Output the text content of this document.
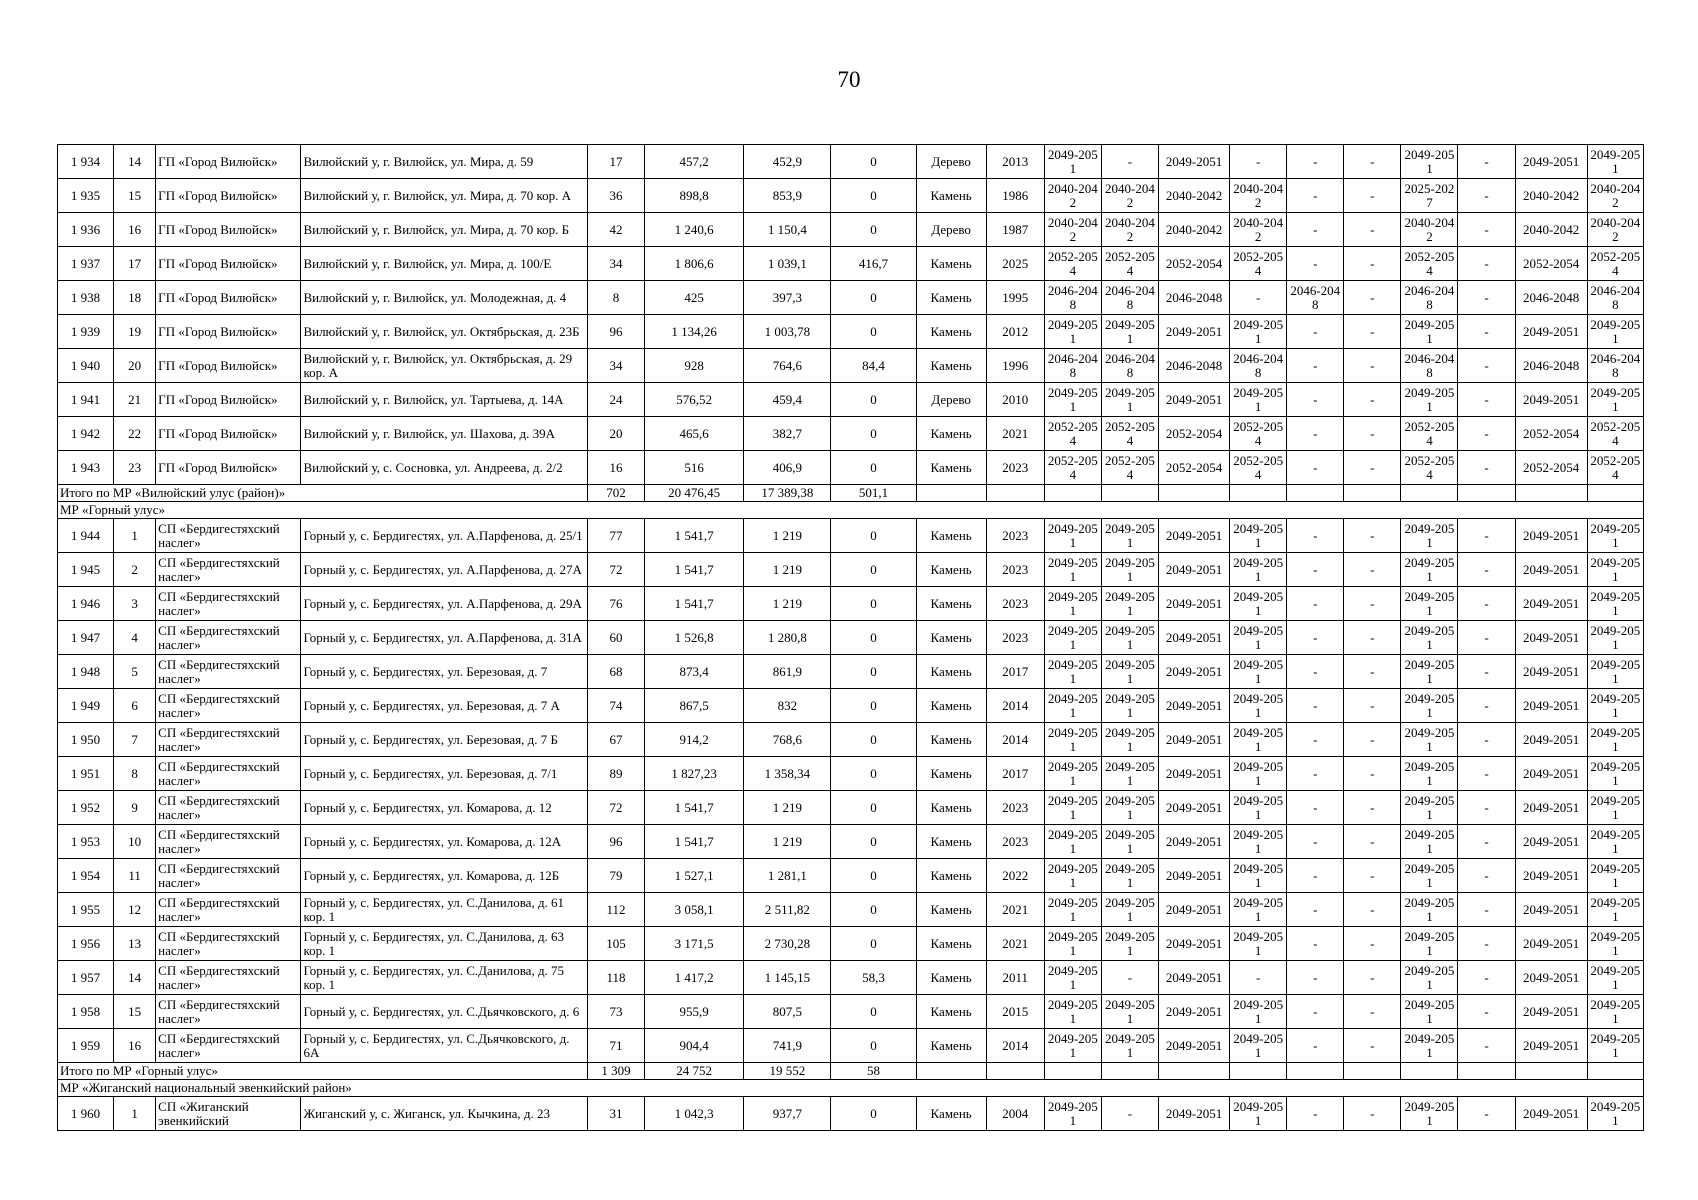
70
1 934	14	ГП «Город Вилюйск»	Вилюйский у, г. Вилюйск, ул. Мира, д. 59	17	457,2	452,9	0	Дерево	2013	2049-2051	-	2049-2051	-	-	-	2049-2051	-	2049-2051	2049-2051
1 935	15	ГП «Город Вилюйск»	Вилюйский у, г. Вилюйск, ул. Мира, д. 70 кор. А	36	898,8	853,9	0	Камень	1986	2040-2042	2040-2042	2040-2042	2040-2042	-	-	2025-2027	-	2040-2042	2040-2042
1 936	16	ГП «Город Вилюйск»	Вилюйский у, г. Вилюйск, ул. Мира, д. 70 кор. Б	42	1 240,6	1 150,4	0	Дерево	1987	2040-2042	2040-2042	2040-2042	2040-2042	-	-	2040-2042	-	2040-2042	2040-2042
1 937	17	ГП «Город Вилюйск»	Вилюйский у, г. Вилюйск, ул. Мира, д. 100/Е	34	1 806,6	1 039,1	416,7	Камень	2025	2052-2054	2052-2054	2052-2054	2052-2054	-	-	2052-2054	-	2052-2054	2052-2054
1 938	18	ГП «Город Вилюйск»	Вилюйский у, г. Вилюйск, ул. Молодежная, д. 4	8	425	397,3	0	Камень	1995	2046-2048	2046-2048	2046-2048	-	2046-2048	-	2046-2048	-	2046-2048	2046-2048
1 939	19	ГП «Город Вилюйск»	Вилюйский у, г. Вилюйск, ул. Октябрьская, д. 23Б	96	1 134,26	1 003,78	0	Камень	2012	2049-2051	2049-2051	2049-2051	2049-2051	-	-	2049-2051	-	2049-2051	2049-2051
1 940	20	ГП «Город Вилюйск»	Вилюйский у, г. Вилюйск, ул. Октябрьская, д. 29 кор. А	34	928	764,6	84,4	Камень	1996	2046-2048	2046-2048	2046-2048	2046-2048	-	-	2046-2048	-	2046-2048	2046-2048
1 941	21	ГП «Город Вилюйск»	Вилюйский у, г. Вилюйск, ул. Тартыева, д. 14А	24	576,52	459,4	0	Дерево	2010	2049-2051	2049-2051	2049-2051	2049-2051	-	-	2049-2051	-	2049-2051	2049-2051
1 942	22	ГП «Город Вилюйск»	Вилюйский у, г. Вилюйск, ул. Шахова, д. 39А	20	465,6	382,7	0	Камень	2021	2052-2054	2052-2054	2052-2054	2052-2054	-	-	2052-2054	-	2052-2054	2052-2054
1 943	23	ГП «Город Вилюйск»	Вилюйский у, с. Сосновка, ул. Андреева, д. 2/2	16	516	406,9	0	Камень	2023	2052-2054	2052-2054	2052-2054	2052-2054	-	-	2052-2054	-	2052-2054	2052-2054
Итого по МР «Вилюйский улус (район)»				702	20 476,45	17 389,38	501,1												
МР «Горный улус»																			
1 944	1	СП «Бердигестяхский наслег»	Горный у, с. Бердигестях, ул. А.Парфенова, д. 25/1	77	1 541,7	1 219	0	Камень	2023	2049-2051	2049-2051	2049-2051	2049-2051	-	-	2049-2051	-	2049-2051	2049-2051
1 945	2	СП «Бердигестяхский наслег»	Горный у, с. Бердигестях, ул. А.Парфенова, д. 27А	72	1 541,7	1 219	0	Камень	2023	2049-2051	2049-2051	2049-2051	2049-2051	-	-	2049-2051	-	2049-2051	2049-2051
1 946	3	СП «Бердигестяхский наслег»	Горный у, с. Бердигестях, ул. А.Парфенова, д. 29А	76	1 541,7	1 219	0	Камень	2023	2049-2051	2049-2051	2049-2051	2049-2051	-	-	2049-2051	-	2049-2051	2049-2051
1 947	4	СП «Бердигестяхский наслег»	Горный у, с. Бердигестях, ул. А.Парфенова, д. 31А	60	1 526,8	1 280,8	0	Камень	2023	2049-2051	2049-2051	2049-2051	2049-2051	-	-	2049-2051	-	2049-2051	2049-2051
1 948	5	СП «Бердигестяхский наслег»	Горный у, с. Бердигестях, ул. Березовая, д. 7	68	873,4	861,9	0	Камень	2017	2049-2051	2049-2051	2049-2051	2049-2051	-	-	2049-2051	-	2049-2051	2049-2051
1 949	6	СП «Бердигестяхский наслег»	Горный у, с. Бердигестях, ул. Березовая, д. 7 А	74	867,5	832	0	Камень	2014	2049-2051	2049-2051	2049-2051	2049-2051	-	-	2049-2051	-	2049-2051	2049-2051
1 950	7	СП «Бердигестяхский наслег»	Горный у, с. Бердигестях, ул. Березовая, д. 7 Б	67	914,2	768,6	0	Камень	2014	2049-2051	2049-2051	2049-2051	2049-2051	-	-	2049-2051	-	2049-2051	2049-2051
1 951	8	СП «Бердигестяхский наслег»	Горный у, с. Бердигестях, ул. Березовая, д. 7/1	89	1 827,23	1 358,34	0	Камень	2017	2049-2051	2049-2051	2049-2051	2049-2051	-	-	2049-2051	-	2049-2051	2049-2051
1 952	9	СП «Бердигестяхский наслег»	Горный у, с. Бердигестях, ул. Комарова, д. 12	72	1 541,7	1 219	0	Камень	2023	2049-2051	2049-2051	2049-2051	2049-2051	-	-	2049-2051	-	2049-2051	2049-2051
1 953	10	СП «Бердигестяхский наслег»	Горный у, с. Бердигестях, ул. Комарова, д. 12А	96	1 541,7	1 219	0	Камень	2023	2049-2051	2049-2051	2049-2051	2049-2051	-	-	2049-2051	-	2049-2051	2049-2051
1 954	11	СП «Бердигестяхский наслег»	Горный у, с. Бердигестях, ул. Комарова, д. 12Б	79	1 527,1	1 281,1	0	Камень	2022	2049-2051	2049-2051	2049-2051	2049-2051	-	-	2049-2051	-	2049-2051	2049-2051
1 955	12	СП «Бердигестяхский наслег»	Горный у, с. Бердигестях, ул. С.Данилова, д. 61 кор. 1	112	3 058,1	2 511,82	0	Камень	2021	2049-2051	2049-2051	2049-2051	2049-2051	-	-	2049-2051	-	2049-2051	2049-2051
1 956	13	СП «Бердигестяхский наслег»	Горный у, с. Бердигестях, ул. С.Данилова, д. 63 кор. 1	105	3 171,5	2 730,28	0	Камень	2021	2049-2051	2049-2051	2049-2051	2049-2051	-	-	2049-2051	-	2049-2051	2049-2051
1 957	14	СП «Бердигестяхский наслег»	Горный у, с. Бердигестях, ул. С.Данилова, д. 75 кор. 1	118	1 417,2	1 145,15	58,3	Камень	2011	2049-2051	-	2049-2051	-	-	-	2049-2051	-	2049-2051	2049-2051
1 958	15	СП «Бердигестяхский наслег»	Горный у, с. Бердигестях, ул. С.Дьячковского, д. 6	73	955,9	807,5	0	Камень	2015	2049-2051	2049-2051	2049-2051	2049-2051	-	-	2049-2051	-	2049-2051	2049-2051
1 959	16	СП «Бердигестяхский наслег»	Горный у, с. Бердигестях, ул. С.Дьячковского, д. 6А	71	904,4	741,9	0	Камень	2014	2049-2051	2049-2051	2049-2051	2049-2051	-	-	2049-2051	-	2049-2051	2049-2051
Итого по МР «Горный улус»				1 309	24 752	19 552	58												
МР «Жиганский национальный эвенкийский район»																			
1 960	1	СП «Жиганский эвенкийский	Жиганский у, с. Жиганск, ул. Кычкина, д. 23	31	1 042,3	937,7	0	Камень	2004	2049-2051	-	2049-2051	2049-2051	-	-	2049-2051	-	2049-2051	2049-2051
